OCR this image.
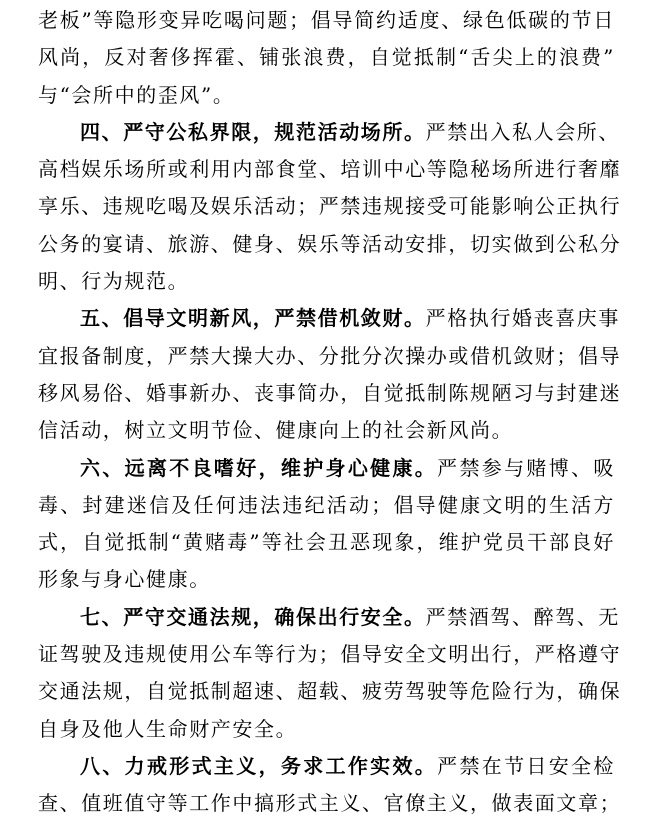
老板”等隐形变异吃喝问题；倡导简约适度、绿色低碳的节日
风尚，反对奢侈挥霍、铺张浪费，自觉抵制“舌尖上的浪费”
与“会所中的歪风”。
四、严守公私界限，规范活动场所。严禁出入私人会所、
高档娱乐场所或利用内部食堂、培训中心等隐秘场所进行奢靡
享乐、违规吃喝及娱乐活动；严禁违规接受可能影响公正执行
公务的宴请、旅游、健身、娱乐等活动安排，切实做到公私分
明、行为规范。
五、倡导文明新风，严禁借机敛财。严格执行婚丧喜庆事
宜报备制度，严禁大操大办、分批分次操办或借机敛财；倡导
移风易俗、婚事新办、丧事简办，自觉抵制陈规陋习与封建迷
信活动，树立文明节俭、健康向上的社会新风尚。
六、远离不良嗜好，维护身心健康。严禁参与赌博、吸
毒、封建迷信及任何违法违纪活动；倡导健康文明的生活方
式，自觉抵制“黄赌毒”等社会丑恶现象，维护党员干部良好
形象与身心健康。
七、严守交通法规，确保出行安全。严禁酒驾、醉驾、无
证驾驶及违规使用公车等行为；倡导安全文明出行，严格遵守
交通法规，自觉抵制超速、超载、疲劳驾驶等危险行为，确保
自身及他人生命财产安全。
八、力戒形式主义，务求工作实效。严禁在节日安全检
查、值班值守等工作中搞形式主义、官僚主义，做表面文章；
